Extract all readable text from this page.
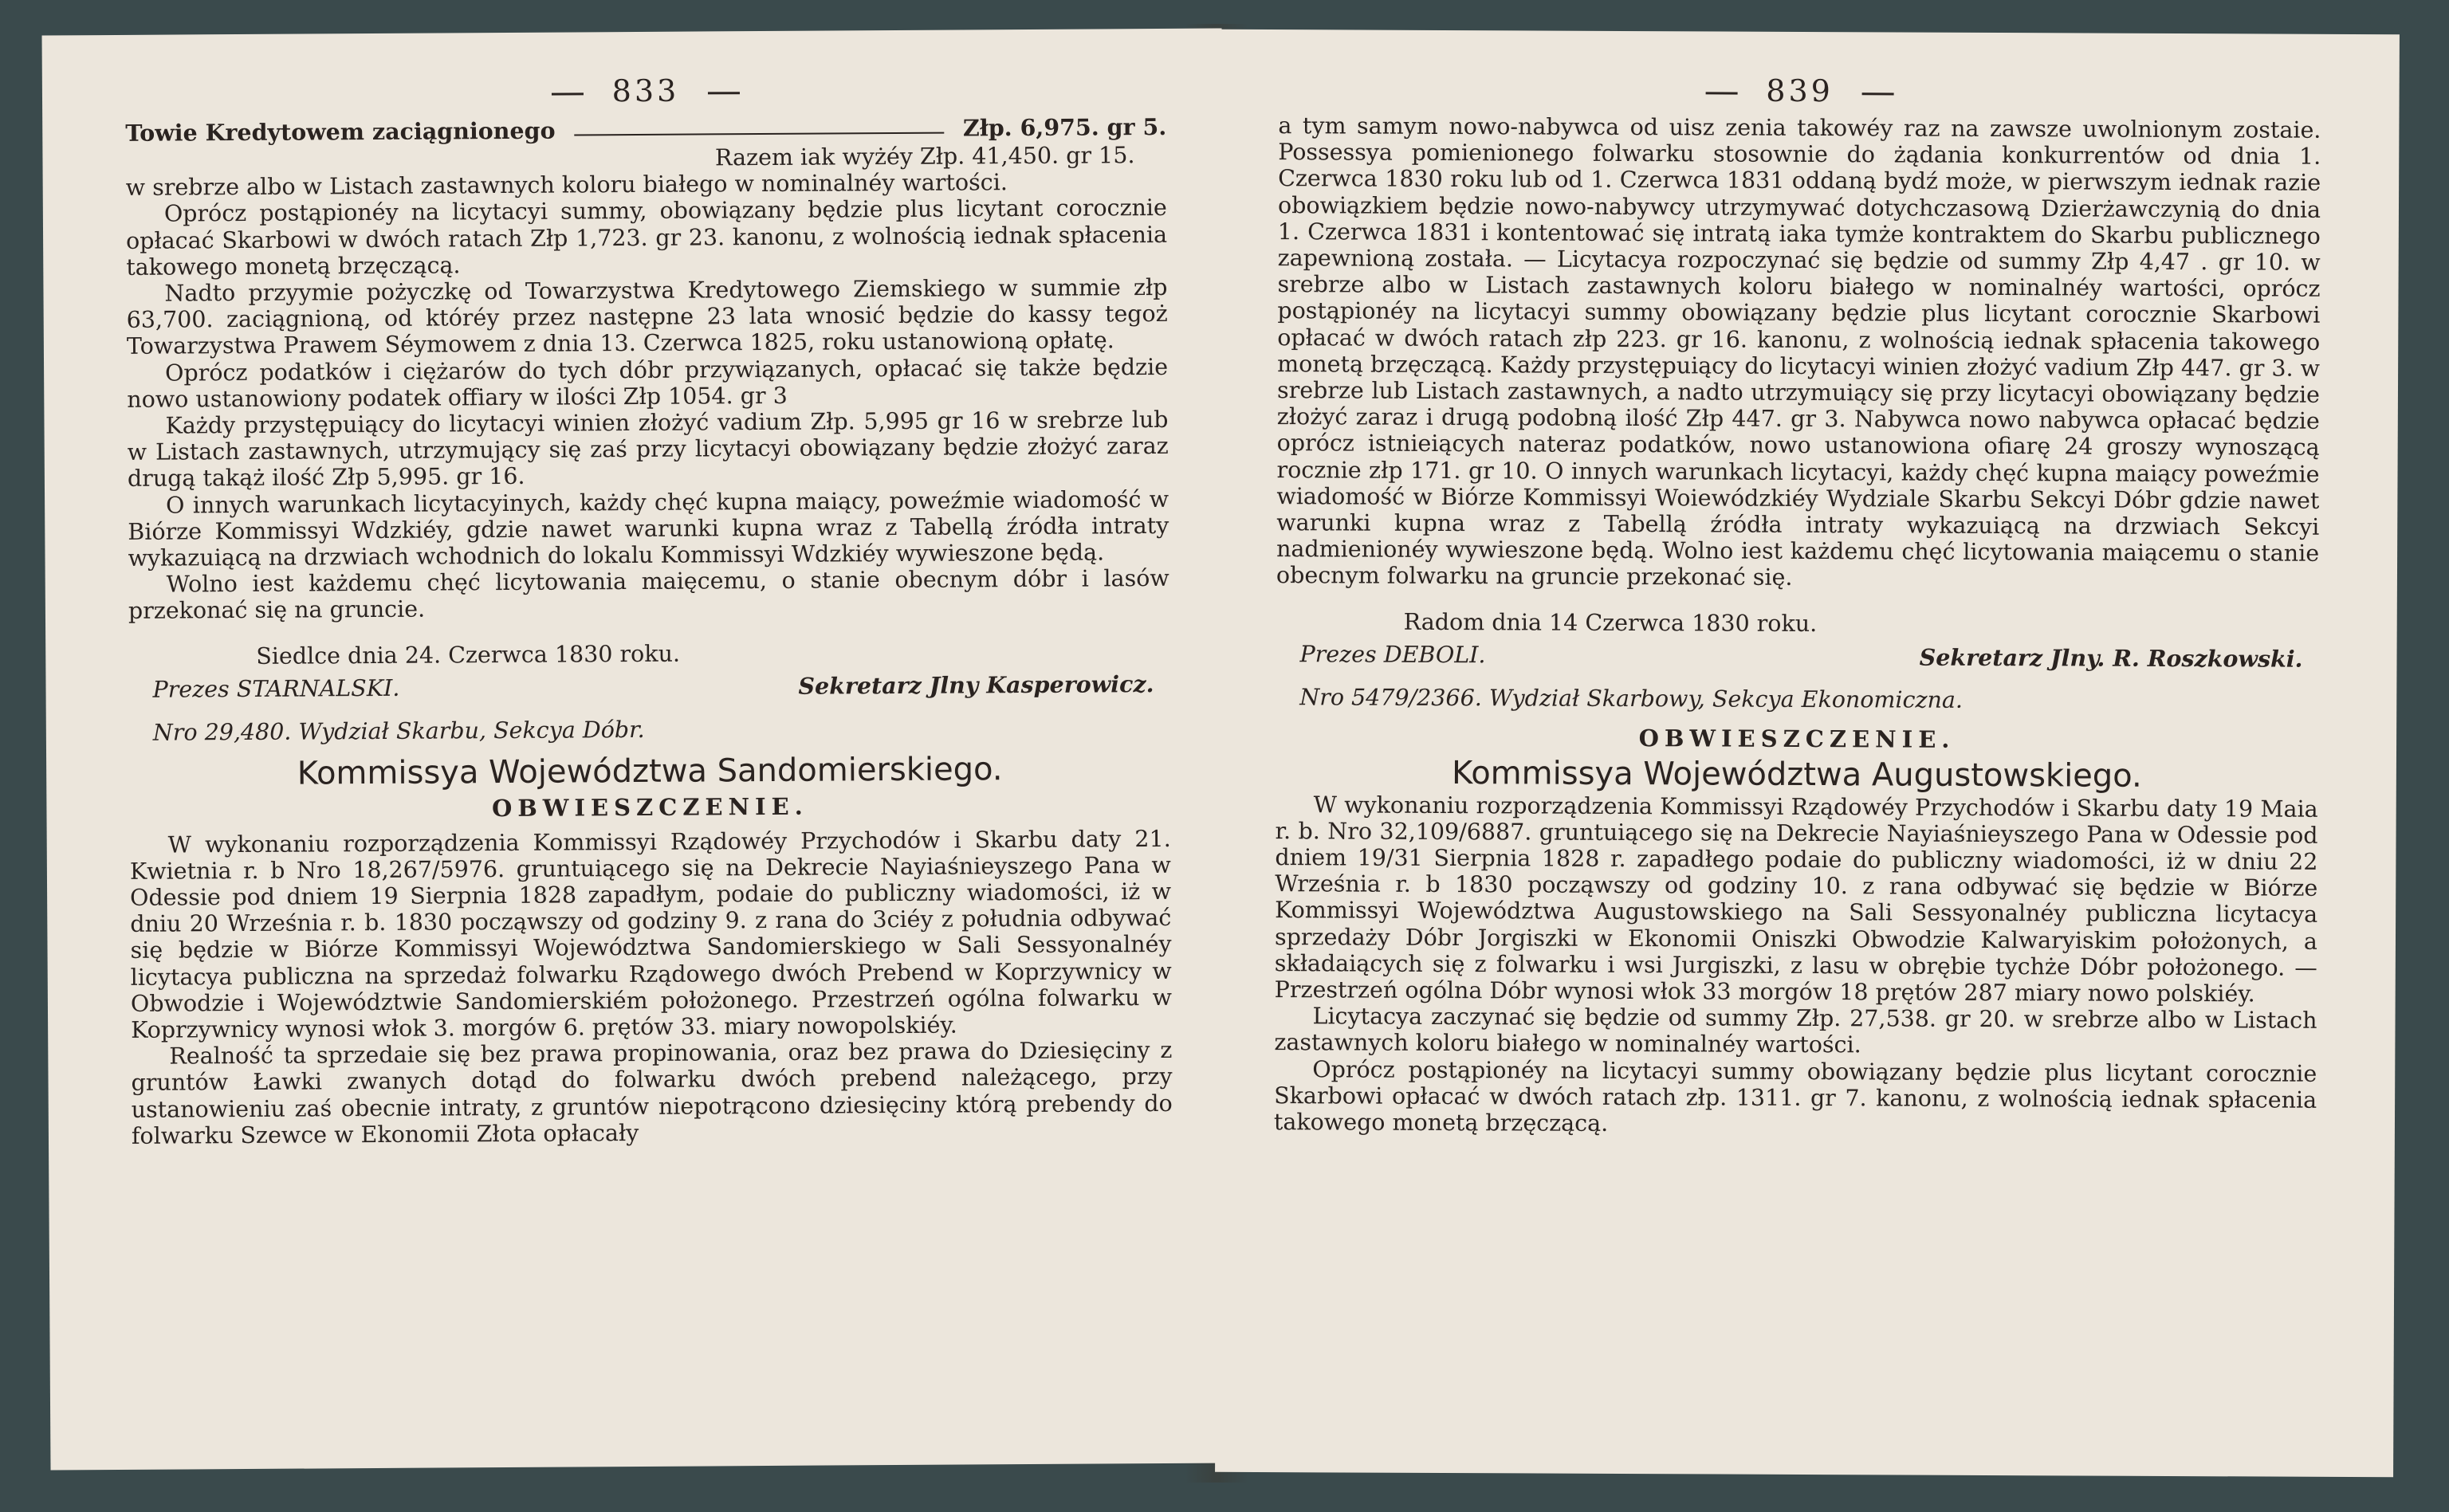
833
Towie Kredytowem zaciągnionego	Złp. 6,975. gr 5.

Razem iak wyżéy Złp. 41,450. gr 15.

w srebrze albo w Listach zastawnych koloru białego w nominalnéy wartości.

Oprócz postąpionéy na licytacyi summy, obowiązany będzie plus licytant corocznie opłacać Skarbowi w dwóch ratach Złp 1,723. gr 23. kanonu, z wolnością iednak spłacenia takowego monetą brzęczącą.

Nadto przyymie pożyczkę od Towarzystwa Kredytowego Ziemskiego w summie złp 63,700. zaciągnioną, od któréy przez następne 23 lata wnosić będzie do kassy tegoż Towarzystwa Prawem Séymowem z dnia 13. Czerwca 1825, roku ustanowioną opłatę.

Oprócz podatków i ciężarów do tych dóbr przywiązanych, opłacać się także będzie nowo ustanowiony podatek offiary w ilości Złp 1054. gr 3

Każdy przystępuiący do licytacyi winien złożyć vadium Złp. 5,995 gr 16 w srebrze lub w Listach zastawnych, utrzymujący się zaś przy licytacyi obowiązany będzie złożyć zaraz drugą takąż ilość Złp 5,995. gr 16.

O innych warunkach licytacyinych, każdy chęć kupna maiący, poweźmie wiadomość w Biórze Kommissyi Wdzkiéy, gdzie nawet warunki kupna wraz z Tabellą źródła intraty wykazuiącą na drzwiach wchodnich do lokalu Kommissyi Wdzkiéy wywieszone będą.

Wolno iest każdemu chęć licytowania maięcemu, o stanie obecnym dóbr i lasów przekonać się na gruncie.

Siedlce dnia 24. Czerwca 1830 roku.
Prezes STARNALSKI.	Sekretarz Jlny Kasperowicz.
Nro 29,480. Wydział Skarbu, Sekcya Dóbr.
Kommissya Województwa Sandomierskiego.
OBWIESZCZENIE.

W wykonaniu rozporządzenia Kommissyi Rządowéy Przychodów i Skarbu daty 21. Kwietnia r. b Nro 18,267/5976. gruntuiącego się na Dekrecie Nayiaśnieyszego Pana w Odessie pod dniem 19 Sierpnia 1828 zapadłym, podaie do publiczny wiadomości, iż w dniu 20 Września r. b. 1830 począwszy od godziny 9. z rana do 3ciéy z południa odbywać się będzie w Biórze Kommissyi Województwa Sandomierskiego w Sali Sessyonalnéy licytacya publiczna na sprzedaż folwarku Rządowego dwóch Prebend w Koprzywnicy w Obwodzie i Województwie Sandomierskiém położonego. Przestrzeń ogólna folwarku w Koprzywnicy wynosi włok 3. morgów 6. prętów 33. miary nowopolskiéy.

Realność ta sprzedaie się bez prawa propinowania, oraz bez prawa do Dziesięciny z gruntów Ławki zwanych dotąd do folwarku dwóch prebend należącego, przy ustanowieniu zaś obecnie intraty, z gruntów niepotrącono dziesięciny którą prebendy do folwarku Szewce w Ekonomii Złota opłacały

839

a tym samym nowo-nabywca od uisz zenia takowéy raz na zawsze uwolnionym zostaie. Possessya pomienionego folwarku stosownie do żądania konkurrentów od dnia 1. Czerwca 1830 roku lub od 1. Czerwca 1831 oddaną bydź może, w pierwszym iednak razie obowiązkiem będzie nowo-nabywcy utrzymywać dotychczasową Dzierżawczynią do dnia 1. Czerwca 1831 i kontentować się intratą iaka tymże kontraktem do Skarbu publicznego zapewnioną została. — Licytacya rozpoczynać się będzie od summy Złp 4,47 . gr 10. w srebrze albo w Listach zastawnych koloru białego w nominalnéy wartości, oprócz postąpionéy na licytacyi summy obowiązany będzie plus licytant corocznie Skarbowi opłacać w dwóch ratach złp 223. gr 16. kanonu, z wolnością iednak spłacenia takowego monetą brzęczącą. Każdy przystępuiący do licytacyi winien złożyć vadium Złp 447. gr 3. w srebrze lub Listach zastawnych, a nadto utrzymuiący się przy licytacyi obowiązany będzie złożyć zaraz i drugą podobną ilość Złp 447. gr 3. Nabywca nowo nabywca opłacać będzie oprócz istnieiących nateraz podatków, nowo ustanowiona ofiarę 24 groszy wynoszącą rocznie złp 171. gr 10. O innych warunkach licytacyi, każdy chęć kupna maiący poweźmie wiadomość w Biórze Kommissyi Woiewódzkiéy Wydziale Skarbu Sekcyi Dóbr gdzie nawet warunki kupna wraz z Tabellą źródła intraty wykazuiącą na drzwiach Sekcyi nadmienionéy wywieszone będą. Wolno iest każdemu chęć licytowania maiącemu o stanie obecnym folwarku na gruncie przekonać się.

Radom dnia 14 Czerwca 1830 roku.
Prezes DEBOLI.	Sekretarz Jlny. R. Roszkowski.
Nro 5479/2366. Wydział Skarbowy, Sekcya Ekonomiczna.
OBWIESZCZENIE.
Kommissya Województwa Augustowskiego.

W wykonaniu rozporządzenia Kommissyi Rządowéy Przychodów i Skarbu daty 19 Maia r. b. Nro 32,109/6887. gruntuiącego się na Dekrecie Nayiaśnieyszego Pana w Odessie pod dniem 19/31 Sierpnia 1828 r. zapadłego podaie do publiczny wiadomości, iż w dniu 22 Września r. b 1830 począwszy od godziny 10. z rana odbywać się będzie w Biórze Kommissyi Województwa Augustowskiego na Sali Sessyonalnéy publiczna licytacya sprzedaży Dóbr Jorgiszki w Ekonomii Oniszki Obwodzie Kalwaryiskim położonych, a składaiących się z folwarku i wsi Jurgiszki, z lasu w obrębie tychże Dóbr położonego. — Przestrzeń ogólna Dóbr wynosi włok 33 morgów 18 prętów 287 miary nowo polskiéy.

Licytacya zaczynać się będzie od summy Złp. 27,538. gr 20. w srebrze albo w Listach zastawnych koloru białego w nominalnéy wartości.

Oprócz postąpionéy na licytacyi summy obowiązany będzie plus licytant corocznie Skarbowi opłacać w dwóch ratach złp. 1311. gr 7. kanonu, z wolnością iednak spłacenia takowego monetą brzęczącą.
